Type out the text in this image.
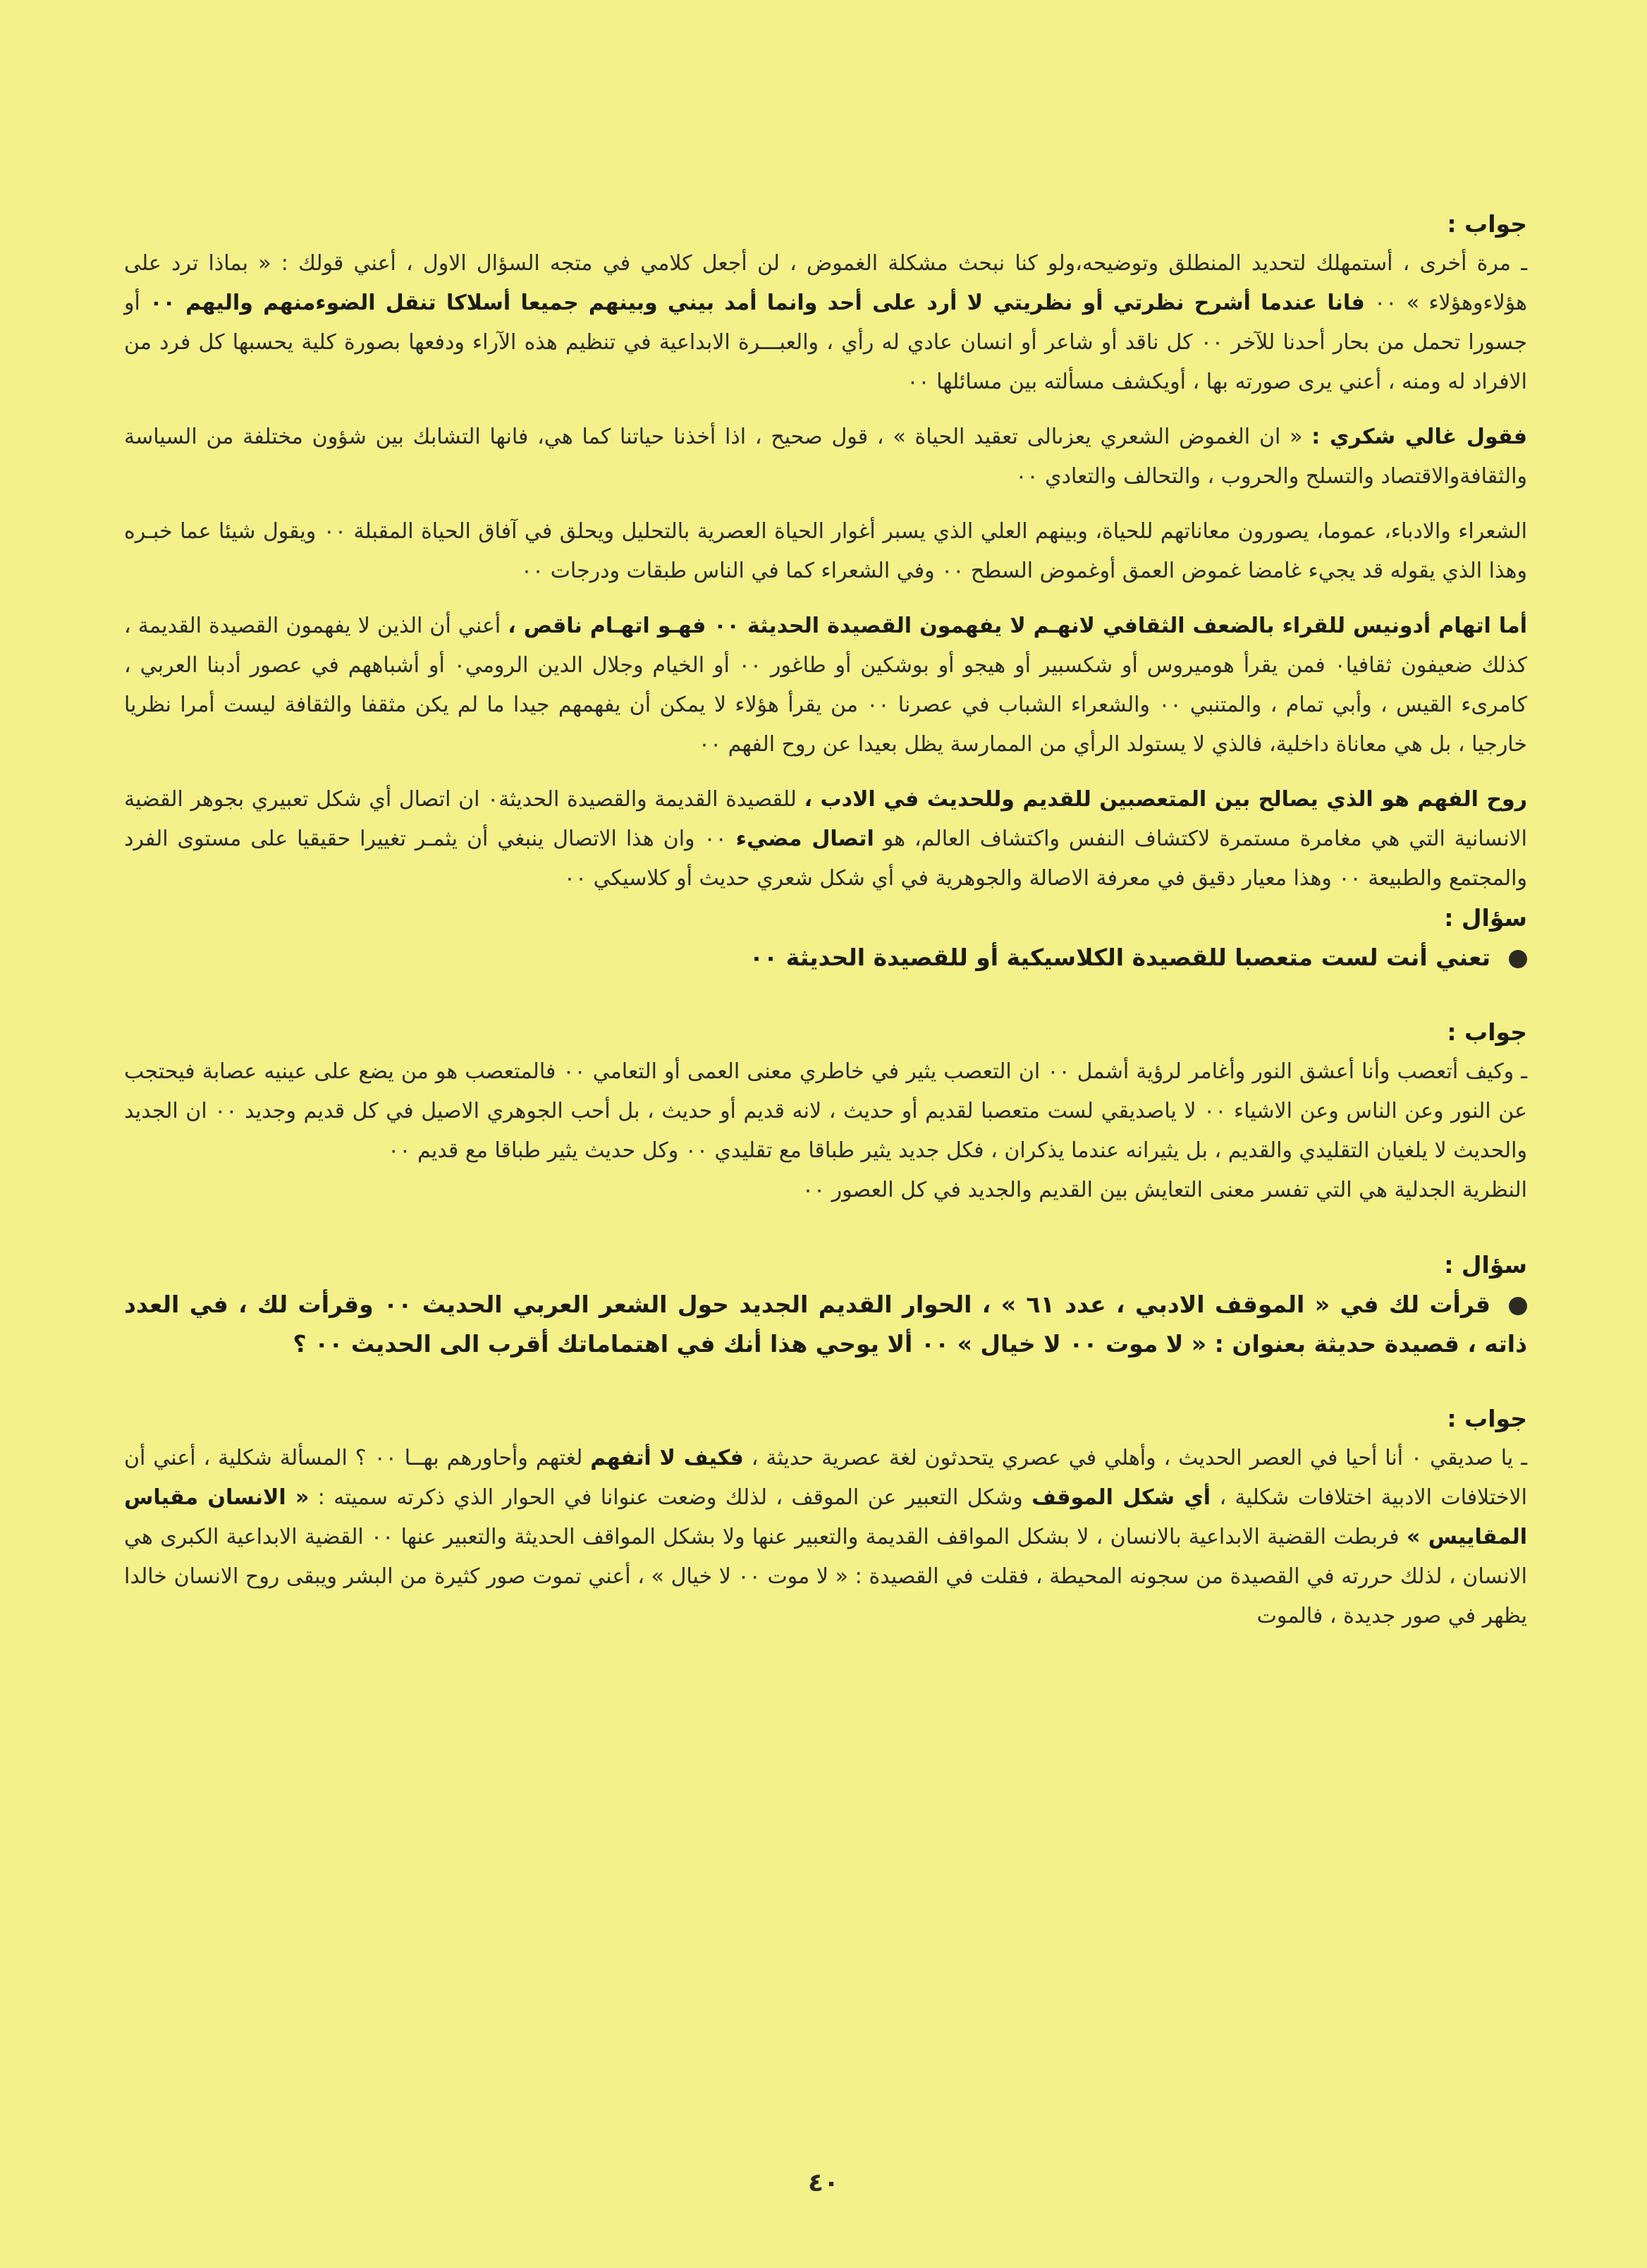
جواب :

ـ مرة أخرى ، أستمهلك لتحديد المنطلق وتوضيحه،ولو كنا نبحث مشكلة الغموض ، لن أجعل كلامي في متجه السؤال الاول ، أعني قولك : « بماذا ترد على هؤلاءوهؤلاء » ٠٠ فانا عندما أشرح نظرتي أو نظريتي لا أرد على أحد وانما أمد بيني وبينهم جميعا أسلاكا تنقل الضوءمنهم واليهم ٠٠ أو جسورا تحمل من بحار أحدنا للآخر ٠٠ كل ناقد أو شاعر أو انسان عادي له رأي ، والعبـــرة الابداعية في تنظيم هذه الآراء ودفعها بصورة كلية يحسبها كل فرد من الافراد له ومنه ، أعني يرى صورته بها ، أويكشف مسألته بين مسائلها ٠٠

فقول غالي شكري : « ان الغموض الشعري يعزىالى تعقيد الحياة » ، قول صحيح ، اذا أخذنا حياتنا كما هي، فانها التشابك بين شؤون مختلفة من السياسة والثقافةوالاقتصاد والتسلح والحروب ، والتحالف والتعادي ٠٠

الشعراء والادباء، عموما، يصورون معاناتهم للحياة، وبينهم العلي الذي يسبر أغوار الحياة العصرية بالتحليل ويحلق في آفاق الحياة المقبلة ٠٠ ويقول شيئا عما خبـره وهذا الذي يقوله قد يجيء غامضا غموض العمق أوغموض السطح ٠٠ وفي الشعراء كما في الناس طبقات ودرجات ٠٠

أما اتهام أدونيس للقراء بالضعف الثقافي لانهـم لا يفهمون القصيدة الحديثة ٠٠ فهـو اتهـام ناقص ، أعني أن الذين لا يفهمون القصيدة القديمة ، كذلك ضعيفون ثقافيا٠ فمن يقرأ هوميروس أو شكسبير أو هيجو أو بوشكين أو طاغور ٠٠ أو الخيام وجلال الدين الرومي٠ أو أشباههم في عصور أدبنا العربي ، كامرىء القيس ، وأبي تمام ، والمتنبي ٠٠ والشعراء الشباب في عصرنا ٠٠ من يقرأ هؤلاء لا يمكن أن يفهمهم جيدا ما لم يكن مثقفا والثقافة ليست أمرا نظريا خارجيا ، بل هي معاناة داخلية، فالذي لا يستولد الرأي من الممارسة يظل بعيدا عن روح الفهم ٠٠

روح الفهم هو الذي يصالح بين المتعصبين للقديم وللحديث في الادب ، للقصيدة القديمة والقصيدة الحديثة٠ ان اتصال أي شكل تعبيري بجوهر القضية الانسانية التي هي مغامرة مستمرة لاكتشاف النفس واكتشاف العالم، هو اتصال مضيء ٠٠ وان هذا الاتصال ينبغي أن يثمـر تغييرا حقيقيا على مستوى الفرد والمجتمع والطبيعة ٠٠ وهذا معيار دقيق في معرفة الاصالة والجوهرية في أي شكل شعري حديث أو كلاسيكي ٠٠

سؤال :

تعني أنت لست متعصبا للقصيدة الكلاسيكية أو للقصيدة الحديثة ٠٠

جواب :

ـ وكيف أتعصب وأنا أعشق النور وأغامر لرؤية أشمل ٠٠ ان التعصب يثير في خاطري معنى العمى أو التعامي ٠٠ فالمتعصب هو من يضع على عينيه عصابة فيحتجب عن النور وعن الناس وعن الاشياء ٠٠ لا ياصديقي لست متعصبا لقديم أو حديث ، لانه قديم أو حديث ، بل أحب الجوهري الاصيل في كل قديم وجديد ٠٠ ان الجديد والحديث لا يلغيان التقليدي والقديم ، بل يثيرانه عندما يذكران ، فكل جديد يثير طباقا مع تقليدي ٠٠ وكل حديث يثير طباقا مع قديم ٠٠

النظرية الجدلية هي التي تفسر معنى التعايش بين القديم والجديد في كل العصور ٠٠

سؤال :

قرأت لك في « الموقف الادبي ، عدد ٦١ » ، الحوار القديم الجديد حول الشعر العربي الحديث ٠٠ وقرأت لك ، في العدد ذاته ، قصيدة حديثة بعنوان : « لا موت ٠٠ لا خيال » ٠٠ ألا يوحي هذا أنك في اهتماماتك أقرب الى الحديث ٠٠ ؟

جواب :

ـ يا صديقي ٠ أنا أحيا في العصر الحديث ، وأهلي في عصري يتحدثون لغة عصرية حديثة ، فكيف لا أتفهم لغتهم وأحاورهم بهــا ٠٠ ؟ المسألة شكلية ، أعني أن الاختلافات الادبية اختلافات شكلية ، أي شكل الموقف وشكل التعبير عن الموقف ، لذلك وضعت عنوانا في الحوار الذي ذكرته سميته : « الانسان مقياس المقاييس » فربطت القضية الابداعية بالانسان ، لا بشكل المواقف القديمة والتعبير عنها ولا بشكل المواقف الحديثة والتعبير عنها ٠٠ القضية الابداعية الكبرى هي الانسان ، لذلك حررته في القصيدة من سجونه المحيطة ، فقلت في القصيدة : « لا موت ٠٠ لا خيال » ، أعني تموت صور كثيرة من البشر ويبقى روح الانسان خالدا يظهر في صور جديدة ، فالموت

٤٠
